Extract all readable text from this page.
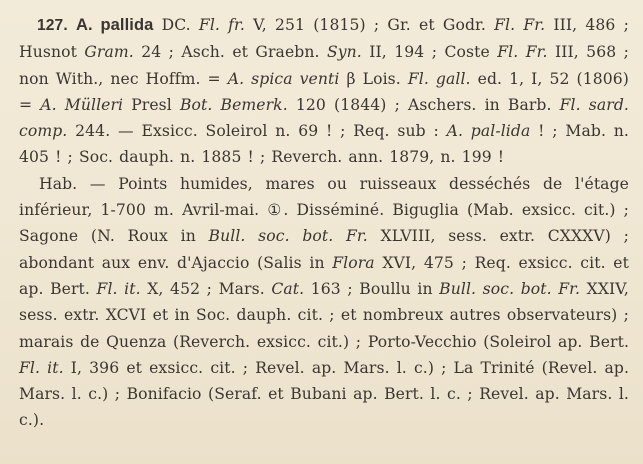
127. A. pallida DC. Fl. fr. V, 251 (1815) ; Gr. et Godr. Fl. Fr. III, 486 ; Husnot Gram. 24 ; Asch. et Graebn. Syn. II, 194 ; Coste Fl. Fr. III, 568 ; non With., nec Hoffm. = A. spica venti β Lois. Fl. gall. ed. 1, I, 52 (1806) = A. Mülleri Presl Bot. Bemerk. 120 (1844) ; Aschers. in Barb. Fl. sard. comp. 244. — Exsicc. Soleirol n. 69 ! ; Req. sub : A. pal-lida ! ; Mab. n. 405 ! ; Soc. dauph. n. 1885 ! ; Reverch. ann. 1879, n. 199 !

Hab. — Points humides, mares ou ruisseaux desséchés de l'étage inférieur, 1-700 m. Avril-mai. ①. Disséminé. Biguglia (Mab. exsicc. cit.) ; Sagone (N. Roux in Bull. soc. bot. Fr. XLVIII, sess. extr. CXXXV) ; abondant aux env. d'Ajaccio (Salis in Flora XVI, 475 ; Req. exsicc. cit. et ap. Bert. Fl. it. X, 452 ; Mars. Cat. 163 ; Boullu in Bull. soc. bot. Fr. XXIV, sess. extr. XCVI et in Soc. dauph. cit. ; et nombreux autres observateurs) ; marais de Quenza (Reverch. exsicc. cit.) ; Porto-Vecchio (Soleirol ap. Bert. Fl. it. I, 396 et exsicc. cit. ; Revel. ap. Mars. l. c.) ; La Trinité (Revel. ap. Mars. l. c.) ; Bonifacio (Seraf. et Bubani ap. Bert. l. c. ; Revel. ap. Mars. l. c.).
